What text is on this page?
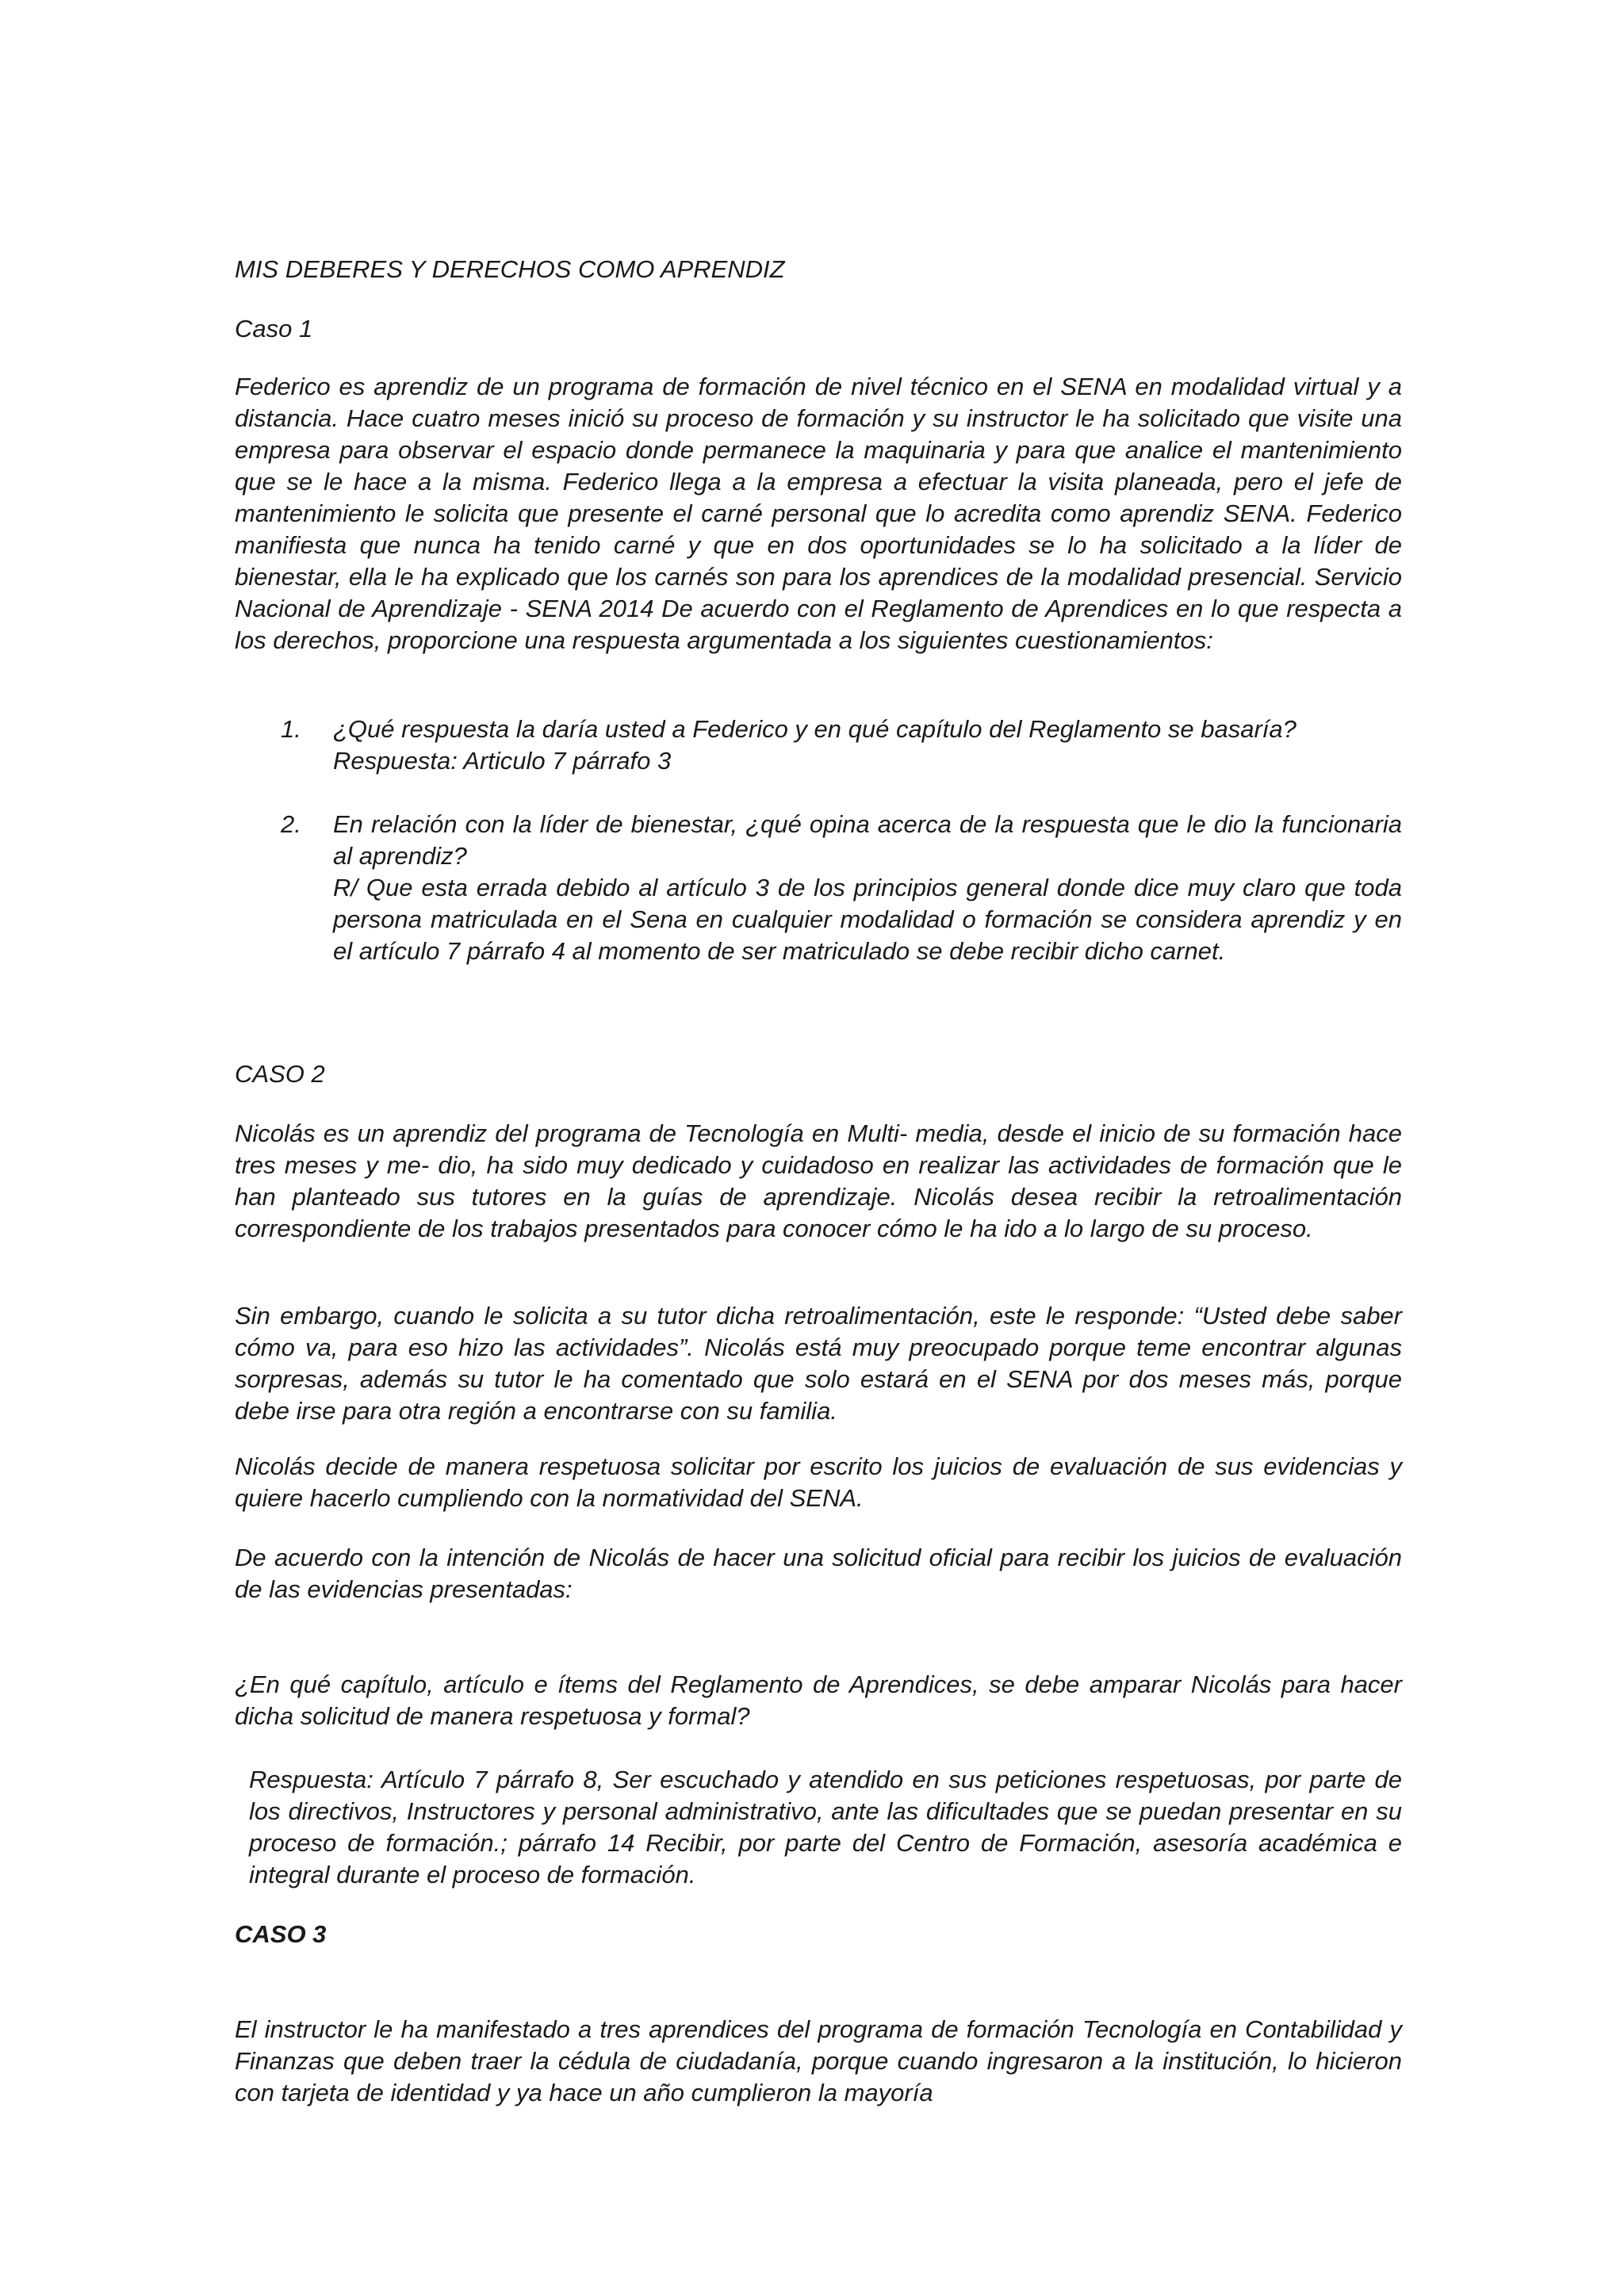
MIS DEBERES Y DERECHOS COMO APRENDIZ

Caso 1

Federico es aprendiz de un programa de formación de nivel técnico en el SENA en modalidad virtual y a distancia. Hace cuatro meses inició su proceso de formación y su instructor le ha solicitado que visite una empresa para observar el espacio donde permanece la maquinaria y para que analice el mantenimiento que se le hace a la misma. Federico llega a la empresa a efectuar la visita planeada, pero el jefe de mantenimiento le solicita que presente el carné personal que lo acredita como aprendiz SENA. Federico manifiesta que nunca ha tenido carné y que en dos oportunidades se lo ha solicitado a la líder de bienestar, ella le ha explicado que los carnés son para los aprendices de la modalidad presencial. Servicio Nacional de Aprendizaje - SENA 2014 De acuerdo con el Reglamento de Aprendices en lo que respecta a los derechos, proporcione una respuesta argumentada a los siguientes cuestionamientos:

1. ¿Qué respuesta la daría usted a Federico y en qué capítulo del Reglamento se basaría?

Respuesta: Articulo 7 párrafo 3

2. En relación con la líder de bienestar, ¿qué opina acerca de la respuesta que le dio la funcionaria al aprendiz?

R/ Que esta errada debido al artículo 3 de los principios general donde dice muy claro que toda persona matriculada en el Sena en cualquier modalidad o formación se considera aprendiz y en el artículo 7 párrafo 4 al momento de ser matriculado se debe recibir dicho carnet.

CASO 2

Nicolás es un aprendiz del programa de Tecnología en Multi- media, desde el inicio de su formación hace tres meses y me- dio, ha sido muy dedicado y cuidadoso en realizar las actividades de formación que le han planteado sus tutores en la guías de aprendizaje. Nicolás desea recibir la retroalimentación correspondiente de los trabajos presentados para conocer cómo le ha ido a lo largo de su proceso.

Sin embargo, cuando le solicita a su tutor dicha retroalimentación, este le responde: “Usted debe saber cómo va, para eso hizo las actividades”. Nicolás está muy preocupado porque teme encontrar algunas sorpresas, además su tutor le ha comentado que solo estará en el SENA por dos meses más, porque debe irse para otra región a encontrarse con su familia.

Nicolás decide de manera respetuosa solicitar por escrito los juicios de evaluación de sus evidencias y quiere hacerlo cumpliendo con la normatividad del SENA.

De acuerdo con la intención de Nicolás de hacer una solicitud oficial para recibir los juicios de evaluación de las evidencias presentadas:

¿En qué capítulo, artículo e ítems del Reglamento de Aprendices, se debe amparar Nicolás para hacer dicha solicitud de manera respetuosa y formal?

Respuesta: Artículo 7 párrafo 8, Ser escuchado y atendido en sus peticiones respetuosas, por parte de los directivos, Instructores y personal administrativo, ante las dificultades que se puedan presentar en su proceso de formación.; párrafo 14 Recibir, por parte del Centro de Formación, asesoría académica e integral durante el proceso de formación.

CASO 3

El instructor le ha manifestado a tres aprendices del programa de formación Tecnología en Contabilidad y Finanzas que deben traer la cédula de ciudadanía, porque cuando ingresaron a la institución, lo hicieron con tarjeta de identidad y ya hace un año cumplieron la mayoría
